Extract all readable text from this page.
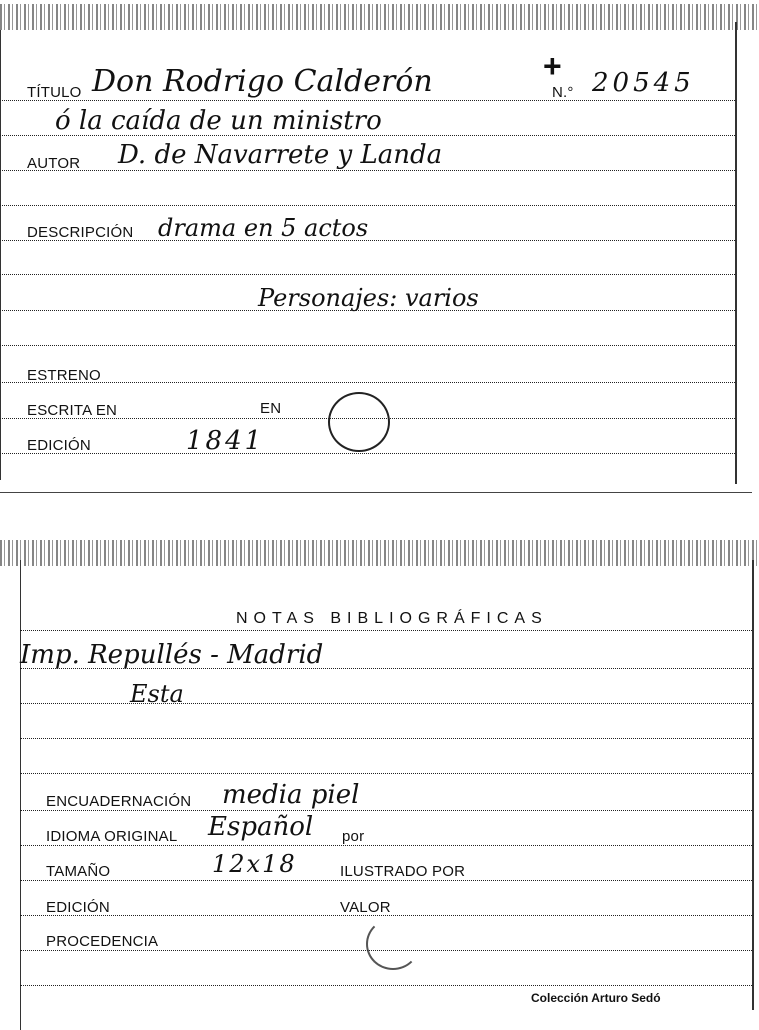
+
TÍTULO Don Rodrigo Calderón	N.° 20545
ó la caída de un ministro
AUTOR D. de Navarrete y Landa
DESCRIPCIÓN drama en 5 actos
Personajes: varios
ESTRENO
ESCRITA EN	EN
EDICIÓN	1841
NOTAS BIBLIOGRÁFICAS
Imp. Repullés - Madrid
Esta
ENCUADERNACIÓN media piel
IDIOMA ORIGINAL Español por
TAMAÑO	12x18	ILUSTRADO POR
EDICIÓN	VALOR
PROCEDENCIA
Colección Arturo Sedó
